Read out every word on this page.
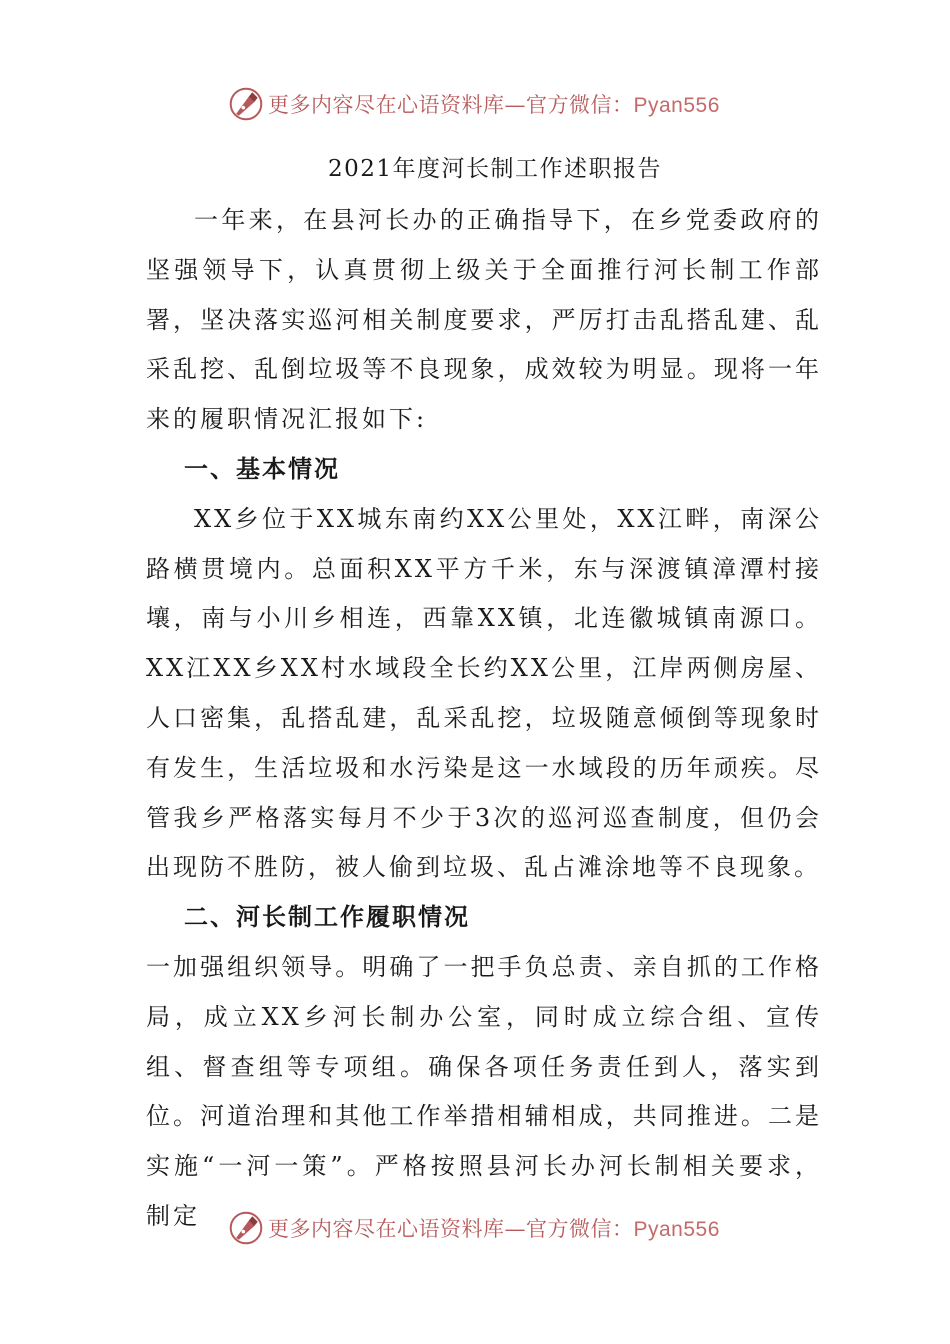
更多内容尽在心语资料库—官方微信：Pyan556
2021年度河长制工作述职报告

一年来，在县河长办的正确指导下，在乡党委政府的坚强领导下，认真贯彻上级关于全面推行河长制工作部署，坚决落实巡河相关制度要求，严厉打击乱搭乱建、乱采乱挖、乱倒垃圾等不良现象，成效较为明显。现将一年来的履职情况汇报如下:

一、基本情况

XX乡位于XX城东南约XX公里处，XX江畔，南深公路横贯境内。总面积XX平方千米，东与深渡镇漳潭村接壤，南与小川乡相连，西靠XX镇，北连徽城镇南源口。XX江XX乡XX村水域段全长约XX公里，江岸两侧房屋、人口密集，乱搭乱建，乱采乱挖，垃圾随意倾倒等现象时有发生，生活垃圾和水污染是这一水域段的历年顽疾。尽管我乡严格落实每月不少于3次的巡河巡查制度，但仍会出现防不胜防，被人偷到垃圾、乱占滩涂地等不良现象。

二、河长制工作履职情况

一加强组织领导。明确了一把手负总责、亲自抓的工作格局，成立XX乡河长制办公室，同时成立综合组、宣传组、督查组等专项组。确保各项任务责任到人，落实到位。河道治理和其他工作举措相辅相成，共同推进。二是实施“一河一策”。严格按照县河长办河长制相关要求，制定	更多内容尽在心语资料库—官方微信：Pyan556
